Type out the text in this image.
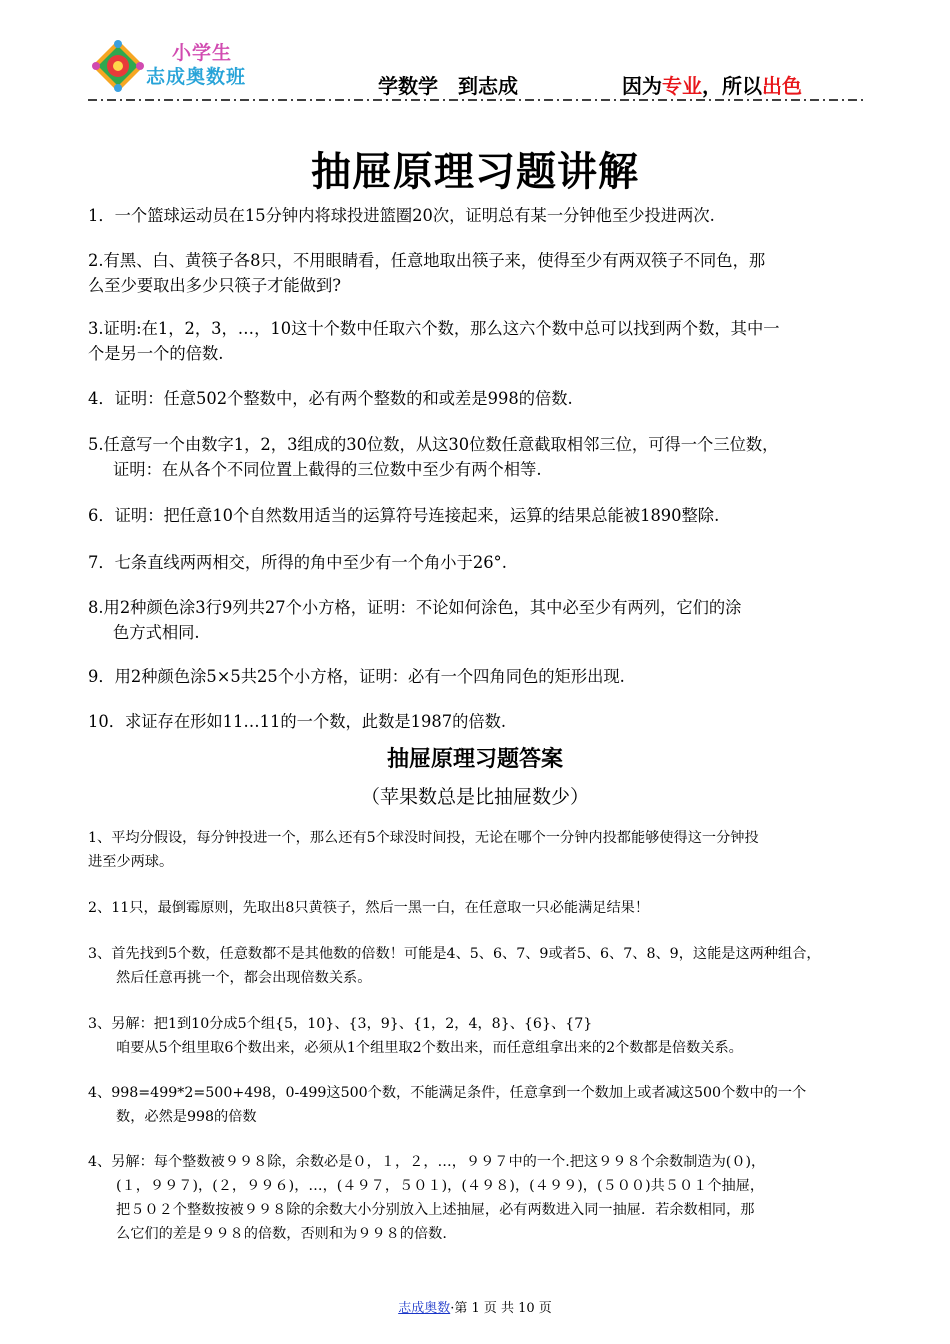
小学生
志成奥数班	学数学　到志成	因为专业，所以出色
抽屉原理习题讲解
1．一个篮球运动员在15分钟内将球投进篮圈20次，证明总有某一分钟他至少投进两次.
2.有黑、白、黄筷子各8只，不用眼睛看，任意地取出筷子来，使得至少有两双筷子不同色，那
么至少要取出多少只筷子才能做到?
3.证明:在1，2，3，…，10这十个数中任取六个数，那么这六个数中总可以找到两个数，其中一
个是另一个的倍数.
4．证明：任意502个整数中，必有两个整数的和或差是998的倍数.
5.任意写一个由数字1，2，3组成的30位数，从这30位数任意截取相邻三位，可得一个三位数，
证明：在从各个不同位置上截得的三位数中至少有两个相等.
6．证明：把任意10个自然数用适当的运算符号连接起来，运算的结果总能被1890整除.
7．七条直线两两相交，所得的角中至少有一个角小于26°.
8.用2种颜色涂3行9列共27个小方格，证明：不论如何涂色，其中必至少有两列，它们的涂
色方式相同.
9．用2种颜色涂5×5共25个小方格，证明：必有一个四角同色的矩形出现.
10．求证存在形如11…11的一个数，此数是1987的倍数.
抽屉原理习题答案
（苹果数总是比抽屉数少）
1、平均分假设，每分钟投进一个，那么还有5个球没时间投，无论在哪个一分钟内投都能够使得这一分钟投
进至少两球。
2、11只，最倒霉原则，先取出8只黄筷子，然后一黑一白，在任意取一只必能满足结果！
3、首先找到5个数，任意数都不是其他数的倍数！可能是4、5、6、7、9或者5、6、7、8、9，这能是这两种组合，
然后任意再挑一个，都会出现倍数关系。
3、另解：把1到10分成5个组{5，10}、{3，9}、{1，2，4，8}、{6}、{7}
咱要从5个组里取6个数出来，必须从1个组里取2个数出来，而任意组拿出来的2个数都是倍数关系。
4、998=499*2=500+498，0-499这500个数，不能满足条件，任意拿到一个数加上或者减这500个数中的一个
数，必然是998的倍数
4、另解：每个整数被９９８除，余数必是０，１，２，…，９９７中的一个.把这９９８个余数制造为(０)，
(１，９９７)，(２，９９６)，…，(４９７，５０１)，(４９８)，(４９９)，(５００)共５０１个抽屉，
把５０２个整数按被９９８除的余数大小分别放入上述抽屉，必有两数进入同一抽屉．若余数相同，那
么它们的差是９９８的倍数，否则和为９９８的倍数.
志成奥数·第 1 页 共 10 页
